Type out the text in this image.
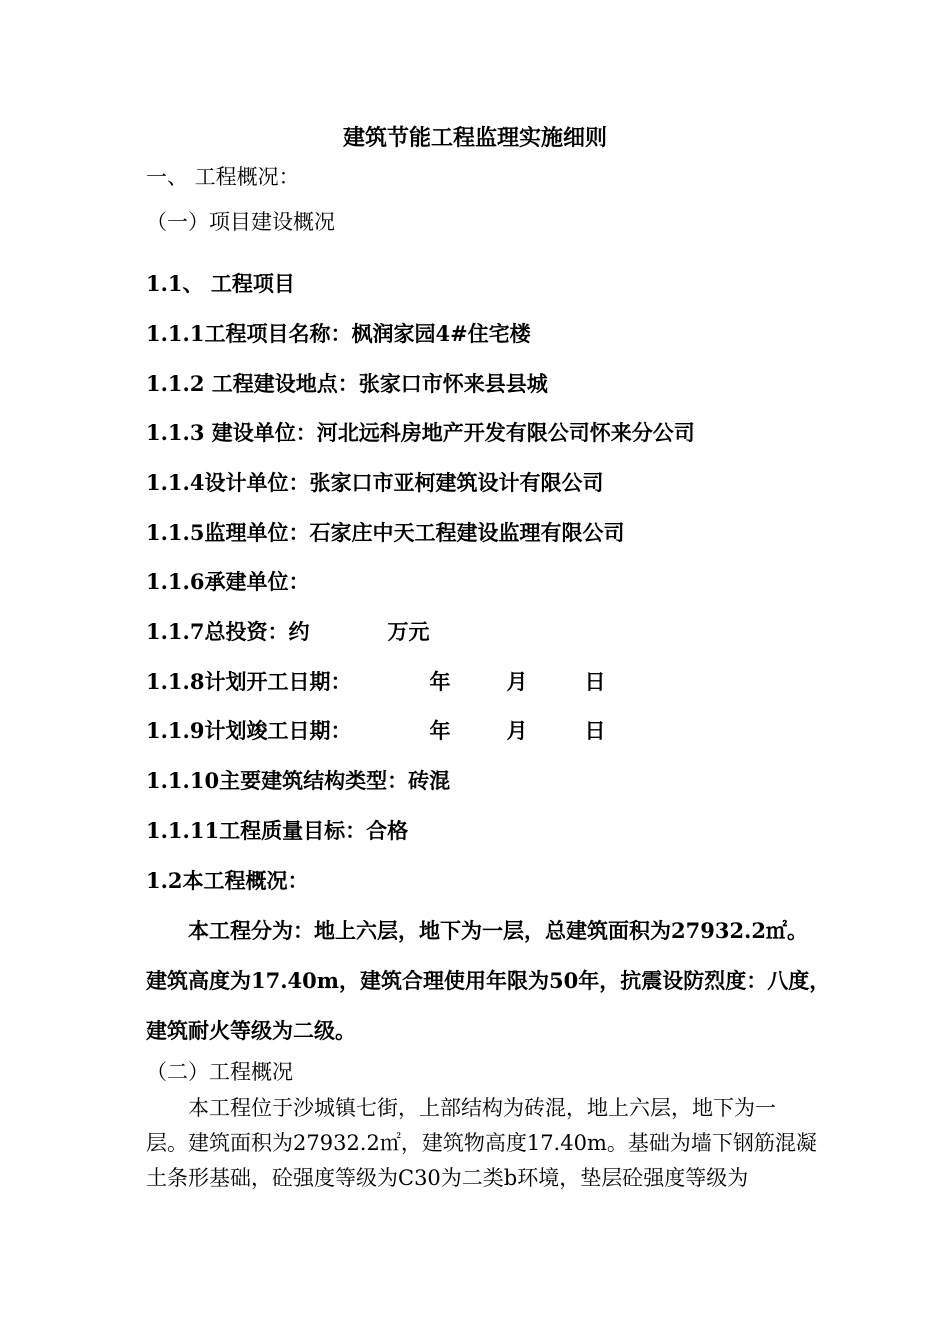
建筑节能工程监理实施细则
一、 工程概况：
（一）项目建设概况
1.1、 工程项目
1.1.1工程项目名称：枫润家园4#住宅楼
1.1.2 工程建设地点：张家口市怀来县县城
1.1.3 建设单位：河北远科房地产开发有限公司怀来分公司
1.1.4设计单位：张家口市亚柯建筑设计有限公司
1.1.5监理单位：石家庄中天工程建设监理有限公司
1.1.6承建单位：
1.1.7总投资：约	万元
1.1.8计划开工日期：	年	月	日
1.1.9计划竣工日期：	年	月	日
1.1.10主要建筑结构类型：砖混
1.1.11工程质量目标：合格
1.2本工程概况：
本工程分为：地上六层，地下为一层，总建筑面积为27932.2㎡。
建筑高度为17.40m，建筑合理使用年限为50年，抗震设防烈度：八度，
建筑耐火等级为二级。
（二）工程概况
本工程位于沙城镇七街，上部结构为砖混，地上六层，地下为一
层。建筑面积为27932.2㎡，建筑物高度17.40m。基础为墙下钢筋混凝
土条形基础，砼强度等级为C30为二类b环境，垫层砼强度等级为
